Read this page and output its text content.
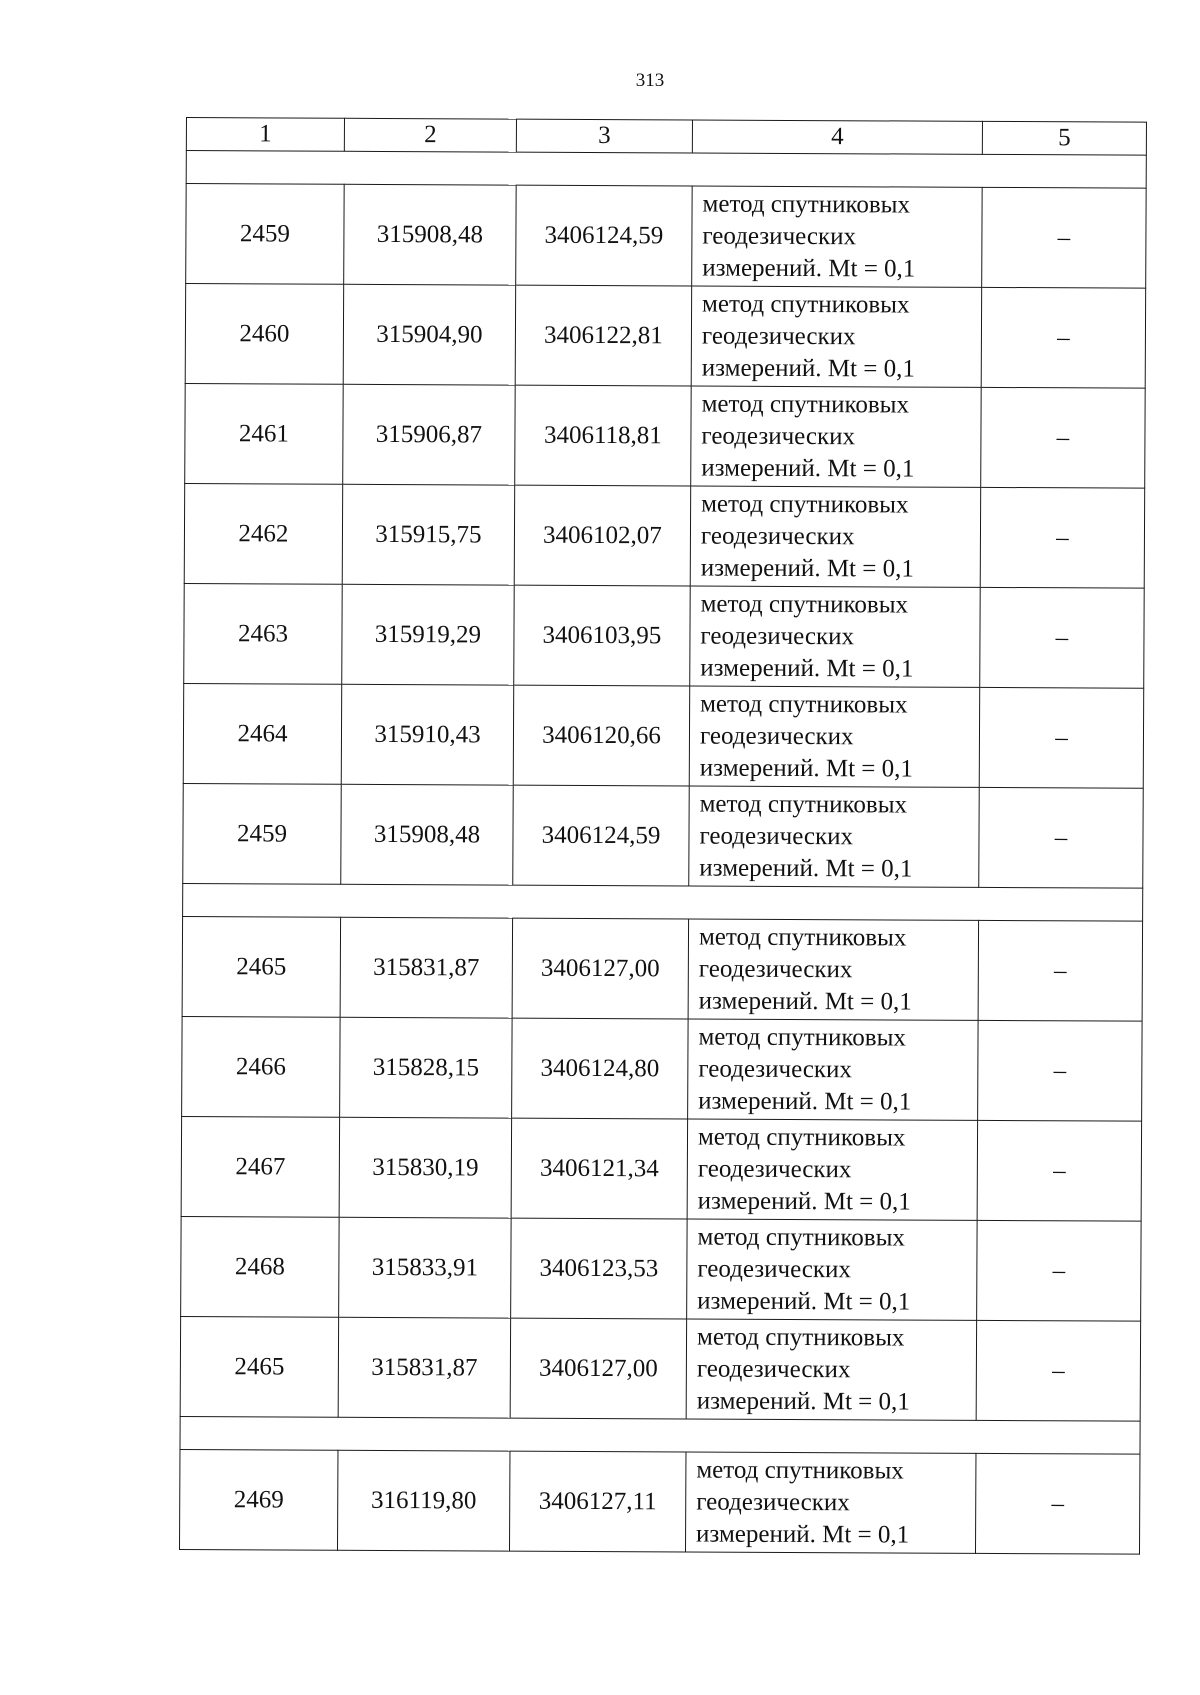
313
1	2	3	4	5

2459	315908,48	3406124,59	метод спутниковых
геодезических
измерений. Mt = 0,1	–
2460	315904,90	3406122,81	метод спутниковых
геодезических
измерений. Mt = 0,1	–
2461	315906,87	3406118,81	метод спутниковых
геодезических
измерений. Mt = 0,1	–
2462	315915,75	3406102,07	метод спутниковых
геодезических
измерений. Mt = 0,1	–
2463	315919,29	3406103,95	метод спутниковых
геодезических
измерений. Mt = 0,1	–
2464	315910,43	3406120,66	метод спутниковых
геодезических
измерений. Mt = 0,1	–
2459	315908,48	3406124,59	метод спутниковых
геодезических
измерений. Mt = 0,1	–

2465	315831,87	3406127,00	метод спутниковых
геодезических
измерений. Mt = 0,1	–
2466	315828,15	3406124,80	метод спутниковых
геодезических
измерений. Mt = 0,1	–
2467	315830,19	3406121,34	метод спутниковых
геодезических
измерений. Mt = 0,1	–
2468	315833,91	3406123,53	метод спутниковых
геодезических
измерений. Mt = 0,1	–
2465	315831,87	3406127,00	метод спутниковых
геодезических
измерений. Mt = 0,1	–

2469	316119,80	3406127,11	метод спутниковых
геодезических
измерений. Mt = 0,1	–
